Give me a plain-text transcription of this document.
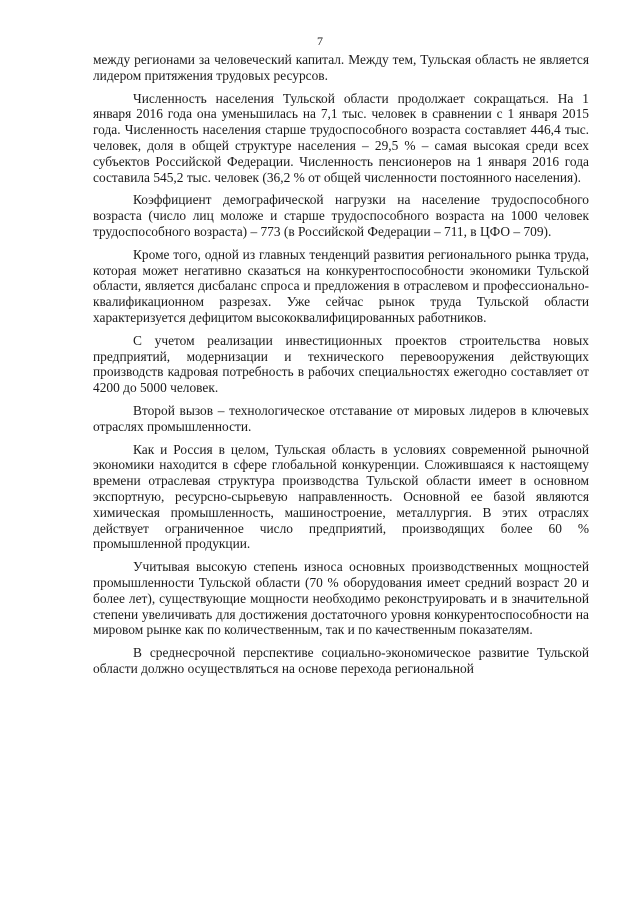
7

между регионами за человеческий капитал. Между тем, Тульская область не является лидером притяжения трудовых ресурсов.

Численность населения Тульской области продолжает сокращаться. На 1 января 2016 года она уменьшилась на 7,1 тыс. человек в сравнении с 1 января 2015 года. Численность населения старше трудоспособного возраста составляет 446,4 тыс. человек, доля в общей структуре населения – 29,5 % – самая высокая среди всех субъектов Российской Федерации. Численность пенсионеров на 1 января 2016 года составила 545,2 тыс. человек (36,2 % от общей численности постоянного населения).

Коэффициент демографической нагрузки на население трудоспособного возраста (число лиц моложе и старше трудоспособного возраста на 1000 человек трудоспособного возраста) – 773 (в Российской Федерации – 711, в ЦФО – 709).

Кроме того, одной из главных тенденций развития регионального рынка труда, которая может негативно сказаться на конкурентоспособности экономики Тульской области, является дисбаланс спроса и предложения в отраслевом и профессионально-квалификационном разрезах. Уже сейчас рынок труда Тульской области характеризуется дефицитом высококвалифицированных работников.

С учетом реализации инвестиционных проектов строительства новых предприятий, модернизации и технического перевооружения действующих производств кадровая потребность в рабочих специальностях ежегодно составляет от 4200 до 5000 человек.

Второй вызов – технологическое отставание от мировых лидеров в ключевых отраслях промышленности.

Как и Россия в целом, Тульская область в условиях современной рыночной экономики находится в сфере глобальной конкуренции. Сложившаяся к настоящему времени отраслевая структура производства Тульской области имеет в основном экспортную, ресурсно-сырьевую направленность. Основной ее базой являются химическая промышленность, машиностроение, металлургия. В этих отраслях действует ограниченное число предприятий, производящих более 60 % промышленной продукции.

Учитывая высокую степень износа основных производственных мощностей промышленности Тульской области (70 % оборудования имеет средний возраст 20 и более лет), существующие мощности необходимо реконструировать и в значительной степени увеличивать для достижения достаточного уровня конкурентоспособности на мировом рынке как по количественным, так и по качественным показателям.

В среднесрочной перспективе социально-экономическое развитие Тульской области должно осуществляться на основе перехода региональной
